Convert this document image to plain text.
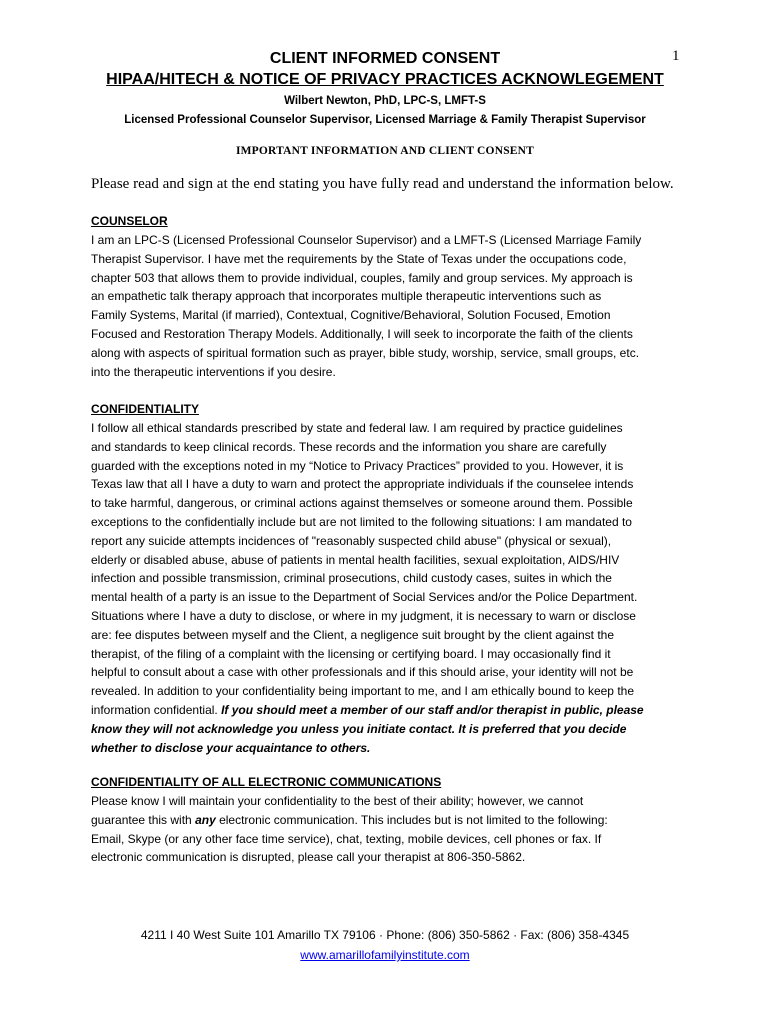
1
CLIENT INFORMED CONSENT
HIPAA/HITECH & NOTICE OF PRIVACY PRACTICES ACKNOWLEGEMENT
Wilbert Newton, PhD, LPC-S, LMFT-S
Licensed Professional Counselor Supervisor, Licensed Marriage & Family Therapist Supervisor
IMPORTANT INFORMATION AND CLIENT CONSENT
Please read and sign at the end stating you have fully read and understand the information below.
COUNSELOR
I am an LPC-S (Licensed Professional Counselor Supervisor) and a LMFT-S (Licensed Marriage Family
Therapist Supervisor. I have met the requirements by the State of Texas under the occupations code,
chapter 503 that allows them to provide individual, couples, family and group services. My approach is
an empathetic talk therapy approach that incorporates multiple therapeutic interventions such as
Family Systems, Marital (if married), Contextual, Cognitive/Behavioral, Solution Focused, Emotion
Focused and Restoration Therapy Models. Additionally, I will seek to incorporate the faith of the clients
along with aspects of spiritual formation such as prayer, bible study, worship, service, small groups, etc.
into the therapeutic interventions if you desire.
CONFIDENTIALITY
I follow all ethical standards prescribed by state and federal law. I am required by practice guidelines
and standards to keep clinical records. These records and the information you share are carefully
guarded with the exceptions noted in my “Notice to Privacy Practices” provided to you. However, it is
Texas law that all I have a duty to warn and protect the appropriate individuals if the counselee intends
to take harmful, dangerous, or criminal actions against themselves or someone around them. Possible
exceptions to the confidentially include but are not limited to the following situations: I am mandated to
report any suicide attempts incidences of "reasonably suspected child abuse" (physical or sexual),
elderly or disabled abuse, abuse of patients in mental health facilities, sexual exploitation, AIDS/HIV
infection and possible transmission, criminal prosecutions, child custody cases, suites in which the
mental health of a party is an issue to the Department of Social Services and/or the Police Department.
Situations where I have a duty to disclose, or where in my judgment, it is necessary to warn or disclose
are: fee disputes between myself and the Client, a negligence suit brought by the client against the
therapist, of the filing of a complaint with the licensing or certifying board. I may occasionally find it
helpful to consult about a case with other professionals and if this should arise, your identity will not be
revealed. In addition to your confidentiality being important to me, and I am ethically bound to keep the
information confidential. If you should meet a member of our staff and/or therapist in public, please
know they will not acknowledge you unless you initiate contact. It is preferred that you decide
whether to disclose your acquaintance to others.
CONFIDENTIALITY OF ALL ELECTRONIC COMMUNICATIONS
Please know I will maintain your confidentiality to the best of their ability; however, we cannot
guarantee this with any electronic communication. This includes but is not limited to the following:
Email, Skype (or any other face time service), chat, texting, mobile devices, cell phones or fax. If
electronic communication is disrupted, please call your therapist at 806-350-5862.
4211 I 40 West Suite 101 Amarillo TX 79106 · Phone: (806) 350-5862 · Fax: (806) 358-4345
www.amarillofamilyinstitute.com
